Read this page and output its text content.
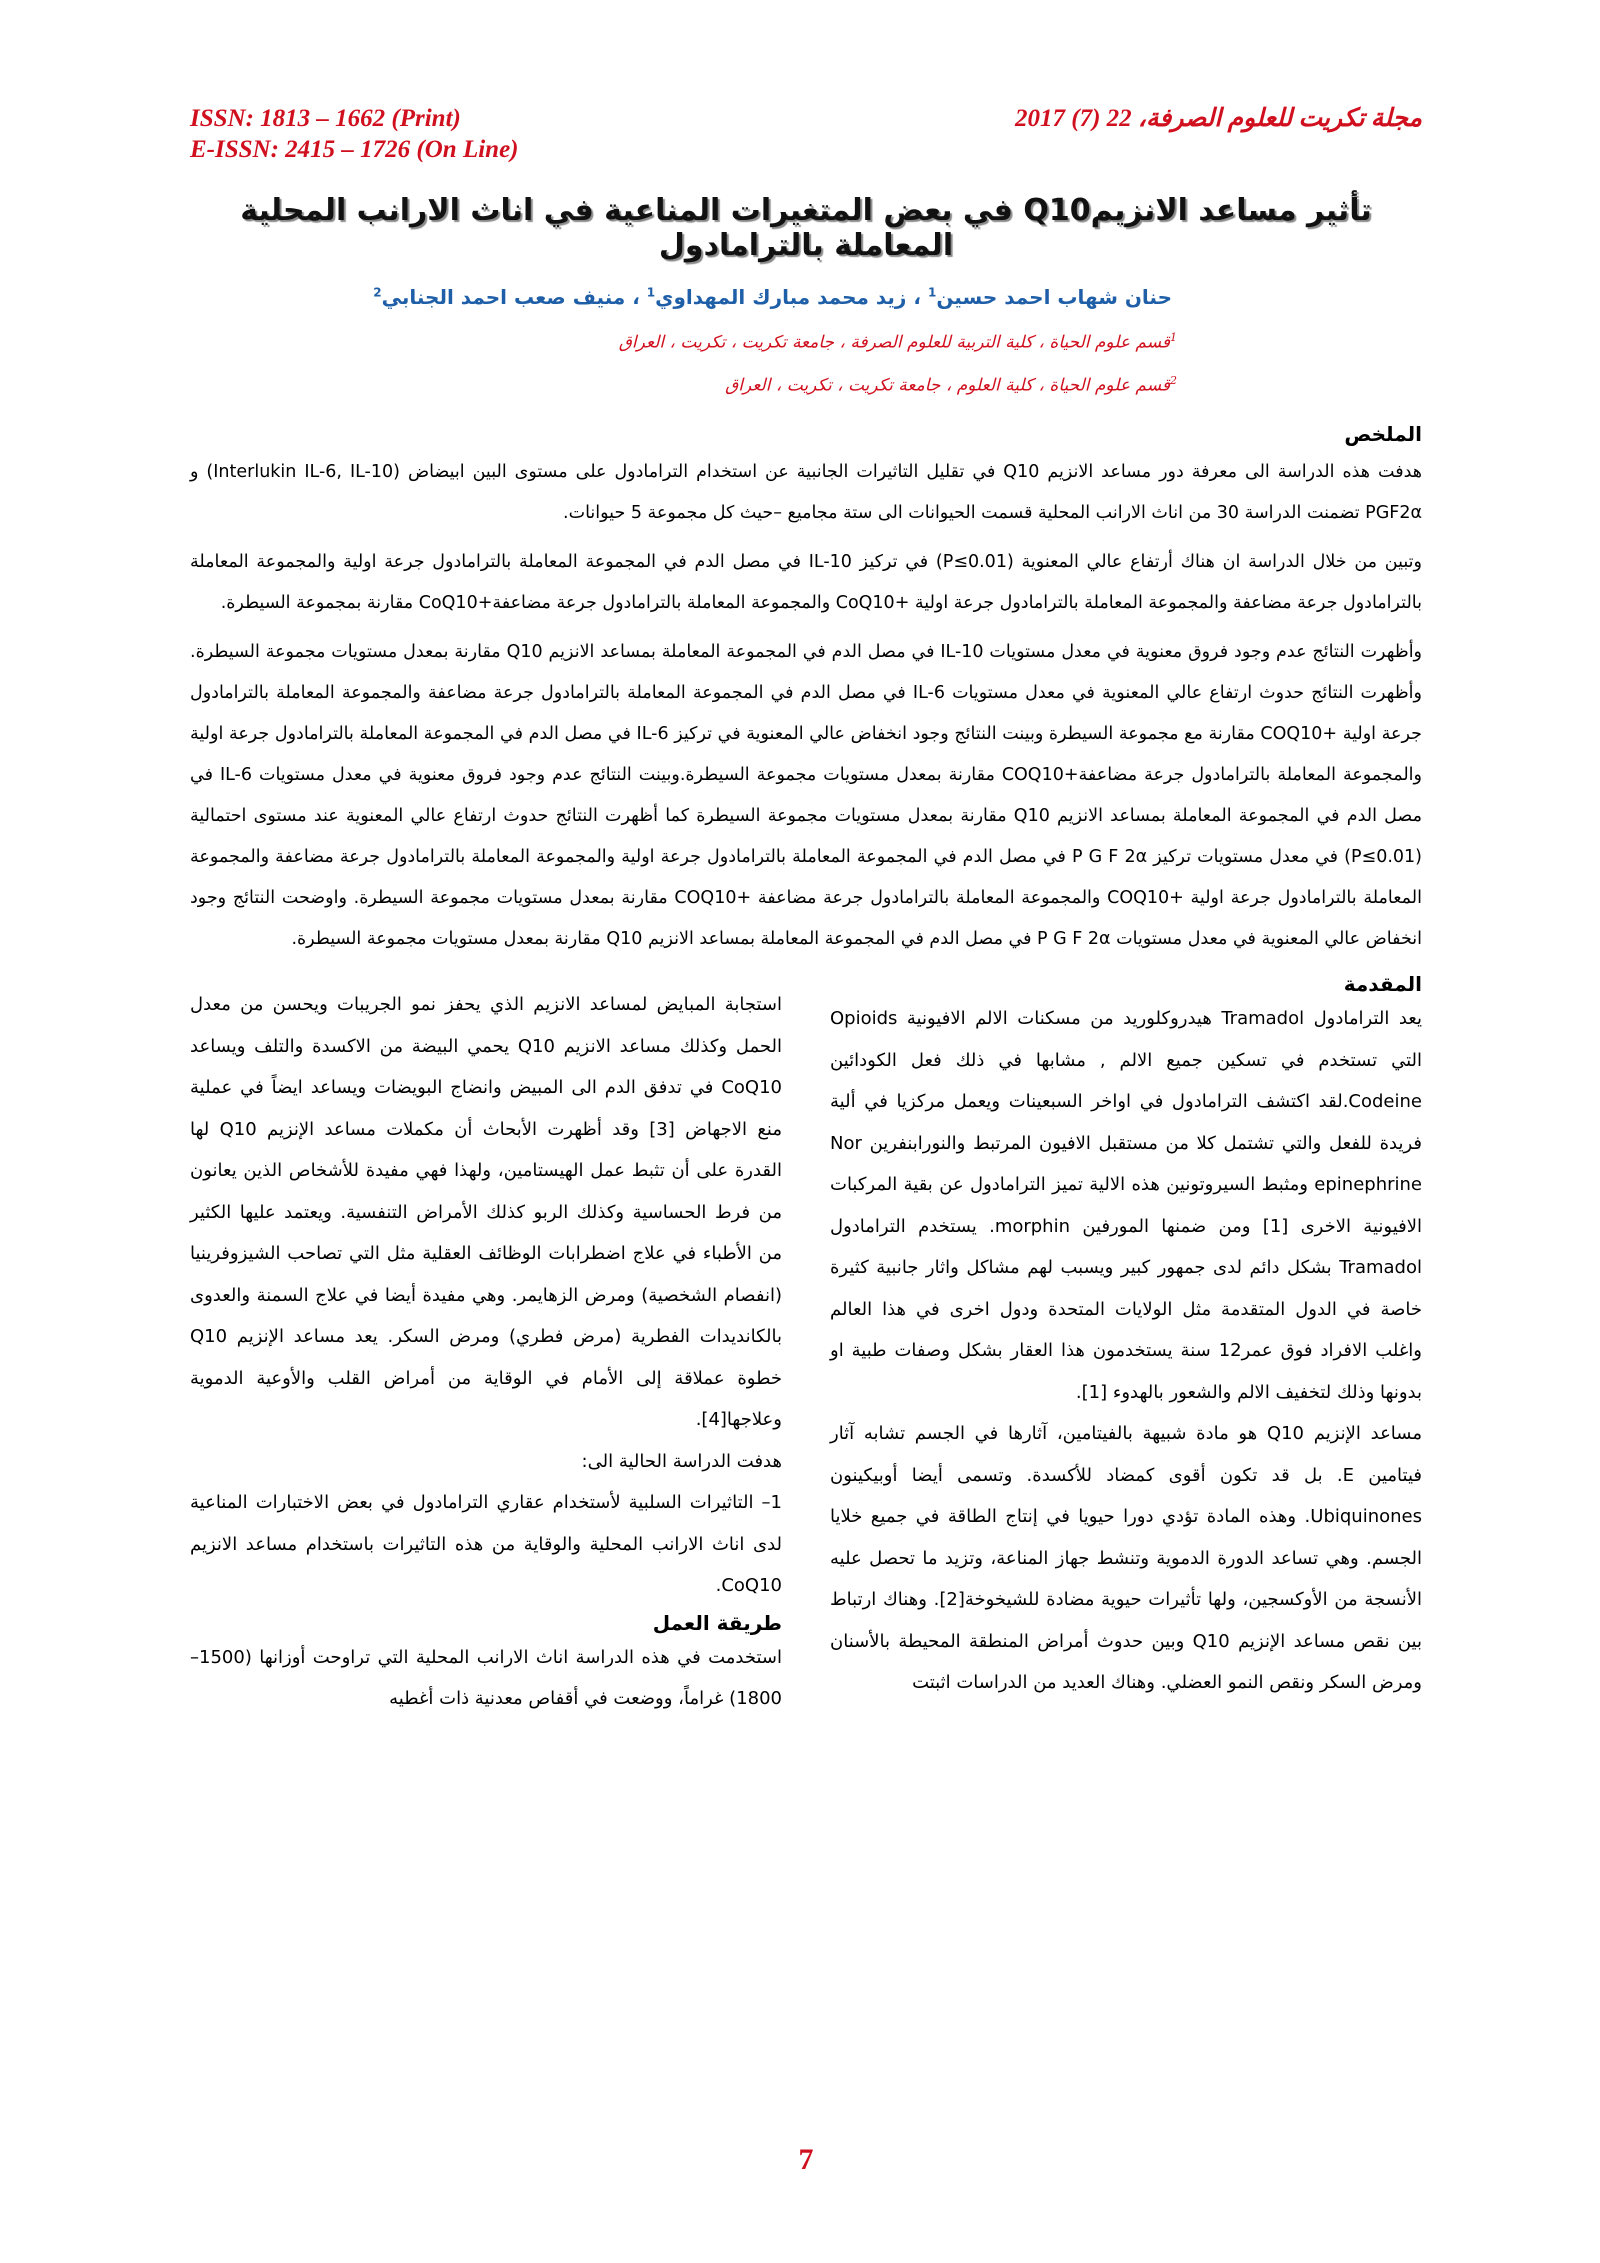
ISSN: 1813 – 1662 (Print)
E-ISSN: 2415 – 1726 (On Line)
مجلة تكريت للعلوم الصرفة، 22 (7) 2017
تأثير مساعد الانزيمQ10 في بعض المتغيرات المناعية في اناث الارانب المحلية المعاملة بالترامادول
حنان شهاب احمد حسين$^1$ ، زيد محمد مبارك المهداوي$^1$ ، منيف صعب احمد الجنابي$^2$
$^1$قسم علوم الحياة ، كلية التربية للعلوم الصرفة ، جامعة تكريت ، تكريت ، العراق
$^2$قسم علوم الحياة ، كلية العلوم ، جامعة تكريت ، تكريت ، العراق
الملخص

هدفت هذه الدراسة الى معرفة دور مساعد الانزيم Q10 في تقليل التاثيرات الجانبية عن استخدام الترامادول على مستوى البين ابيضاض (Interlukin IL-6, IL-10) و PGF2α تضمنت الدراسة 30 من اناث الارانب المحلية قسمت الحيوانات الى ستة مجاميع –حيث كل مجموعة 5 حيوانات.

وتبين من خلال الدراسة ان هناك أرتفاع عالي المعنوية (P≤0.01) في تركيز IL-10 في مصل الدم في المجموعة المعاملة بالترامادول جرعة اولية والمجموعة المعاملة بالترامادول جرعة مضاعفة والمجموعة المعاملة بالترامادول جرعة اولية +CoQ10 والمجموعة المعاملة بالترامادول جرعة مضاعفة+CoQ10 مقارنة بمجموعة السيطرة.

وأظهرت النتائج عدم وجود فروق معنوية في معدل مستويات IL-10 في مصل الدم في المجموعة المعاملة بمساعد الانزيم Q10 مقارنة بمعدل مستويات مجموعة السيطرة. وأظهرت النتائج حدوث ارتفاع عالي المعنوية في معدل مستويات IL-6 في مصل الدم في المجموعة المعاملة بالترامادول جرعة مضاعفة والمجموعة المعاملة بالترامادول جرعة اولية +COQ10 مقارنة مع مجموعة السيطرة وبينت النتائج وجود انخفاض عالي المعنوية في تركيز IL-6 في مصل الدم في المجموعة المعاملة بالترامادول جرعة اولية والمجموعة المعاملة بالترامادول جرعة مضاعفة+COQ10 مقارنة بمعدل مستويات مجموعة السيطرة.وبينت النتائج عدم وجود فروق معنوية في معدل مستويات IL-6 في مصل الدم في المجموعة المعاملة بمساعد الانزيم Q10 مقارنة بمعدل مستويات مجموعة السيطرة كما أظهرت النتائج حدوث ارتفاع عالي المعنوية عند مستوى احتمالية (P≤0.01) في معدل مستويات تركيز P G F 2α في مصل الدم في المجموعة المعاملة بالترامادول جرعة اولية والمجموعة المعاملة بالترامادول جرعة مضاعفة والمجموعة المعاملة بالترامادول جرعة اولية +COQ10 والمجموعة المعاملة بالترامادول جرعة مضاعفة +COQ10 مقارنة بمعدل مستويات مجموعة السيطرة. واوضحت النتائج وجود انخفاض عالي المعنوية في معدل مستويات P G F 2α في مصل الدم في المجموعة المعاملة بمساعد الانزيم Q10 مقارنة بمعدل مستويات مجموعة السيطرة.

المقدمة

يعد الترامادول Tramadol هيدروكلوريد من مسكنات الالم الافيونية Opioids التي تستخدم في تسكين جميع الالم , مشابها في ذلك فعل الكودائين Codeine.لقد اكتشف الترامادول في اواخر السبعينات ويعمل مركزيا في ألية فريدة للفعل والتي تشتمل كلا من مستقبل الافيون المرتبط والنورابنفرين Nor epinephrine ومثبط السيروتونين هذه الالية تميز الترامادول عن بقية المركبات الافيونية الاخرى [1] ومن ضمنها المورفين morphin. يستخدم الترامادول Tramadol بشكل دائم لدى جمهور كبير ويسبب لهم مشاكل واثار جانبية كثيرة خاصة في الدول المتقدمة مثل الولايات المتحدة ودول اخرى في هذا العالم واغلب الافراد فوق عمر12 سنة يستخدمون هذا العقار بشكل وصفات طبية او بدونها وذلك لتخفيف الالم والشعور بالهدوء [1].

مساعد الإنزيم Q10 هو مادة شبيهة بالفيتامين، آثارها في الجسم تشابه آثار فيتامين E. بل قد تكون أقوى كمضاد للأكسدة. وتسمى أيضا أوبيكينون Ubiquinones. وهذه المادة تؤدي دورا حيويا في إنتاج الطاقة في جميع خلايا الجسم. وهي تساعد الدورة الدموية وتنشط جهاز المناعة، وتزيد ما تحصل عليه الأنسجة من الأوكسجين، ولها تأثيرات حيوية مضادة للشيخوخة[2]. وهناك ارتباط بين نقص مساعد الإنزيم Q10 وبين حدوث أمراض المنطقة المحيطة بالأسنان ومرض السكر ونقص النمو العضلي. وهناك العديد من الدراسات اثبتت

استجابة المبايض لمساعد الانزيم الذي يحفز نمو الجريبات ويحسن من معدل الحمل وكذلك مساعد الانزيم Q10 يحمي البيضة من الاكسدة والتلف ويساعد CoQ10 في تدفق الدم الى المبيض وانضاج البويضات ويساعد ايضاً في عملية منع الاجهاض [3] وقد أظهرت الأبحاث أن مكملات مساعد الإنزيم Q10 لها القدرة على أن تثبط عمل الهيستامين، ولهذا فهي مفيدة للأشخاص الذين يعانون من فرط الحساسية وكذلك الربو كذلك الأمراض التنفسية. ويعتمد عليها الكثير من الأطباء في علاج اضطرابات الوظائف العقلية مثل التي تصاحب الشيزوفرينيا (انفصام الشخصية) ومرض الزهايمر. وهي مفيدة أيضا في علاج السمنة والعدوى بالكانديدات الفطرية (مرض فطري) ومرض السكر. يعد مساعد الإنزيم Q10 خطوة عملاقة إلى الأمام في الوقاية من أمراض القلب والأوعية الدموية وعلاجها[4].

هدفت الدراسة الحالية الى:

1– التاثيرات السلبية لأستخدام عقاري الترامادول في بعض الاختبارات المناعية لدى اناث الارانب المحلية والوقاية من هذه التاثيرات باستخدام مساعد الانزيم CoQ10.

طريقة العمل

استخدمت في هذه الدراسة اناث الارانب المحلية التي تراوحت أوزانها (1500– 1800) غراماً، ووضعت في أقفاص معدنية ذات أغطيه

7
